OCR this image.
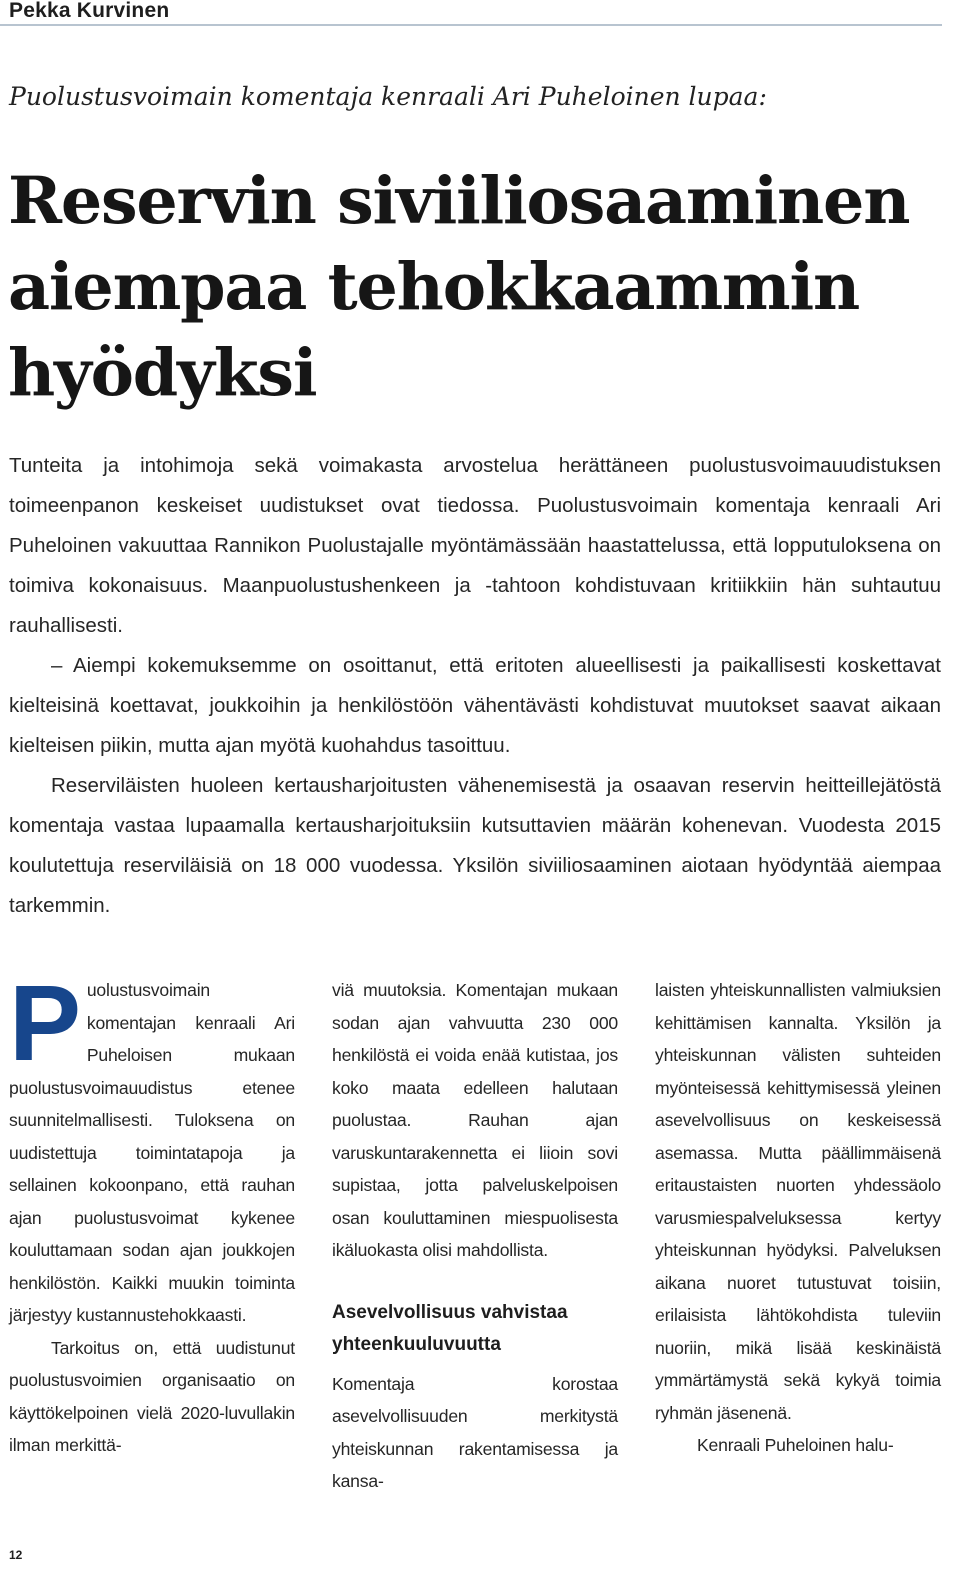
Pekka Kurvinen
Puolustusvoimain komentaja kenraali Ari Puheloinen lupaa:
Reservin siviiliosaaminen aiempaa tehokkaammin hyödyksi

Tunteita ja intohimoja sekä voimakasta arvostelua herättäneen puolustusvoimauudistuksen toimeenpanon keskeiset uudistukset ovat tiedossa. Puolustusvoimain komentaja kenraali Ari Puheloinen vakuuttaa Rannikon Puolustajalle myöntämässään haastattelussa, että lopputuloksena on toimiva kokonaisuus. Maanpuolustushenkeen ja -tahtoon kohdistuvaan kritiikkiin hän suhtautuu rauhallisesti.

– Aiempi kokemuksemme on osoittanut, että eritoten alueellisesti ja paikallisesti koskettavat kielteisinä koettavat, joukkoihin ja henkilöstöön vähentävästi kohdistuvat muutokset saavat aikaan kielteisen piikin, mutta ajan myötä kuohahdus tasoittuu.

Reserviläisten huoleen kertausharjoitusten vähenemisestä ja osaavan reservin heitteillejätöstä komentaja vastaa lupaamalla kertausharjoituksiin kutsuttavien määrän kohenevan. Vuodesta 2015 koulutettuja reserviläisiä on 18 000 vuodessa. Yksilön siviiliosaaminen aiotaan hyödyntää aiempaa tarkemmin.

Puolustusvoimain komentajan kenraali Ari Puheloisen mukaan puolustusvoimauudistus etenee suunnitelmallisesti. Tuloksena on uudistettuja toimintatapoja ja sellainen kokoonpano, että rauhan ajan puolustusvoimat kykenee kouluttamaan sodan ajan joukkojen henkilöstön. Kaikki muukin toiminta järjestyy kustannustehokkaasti.

Tarkoitus on, että uudistunut puolustusvoimien organisaatio on käyttökelpoinen vielä 2020-luvullakin ilman merkittä-

viä muutoksia. Komentajan mukaan sodan ajan vahvuutta 230 000 henkilöstä ei voida enää kutistaa, jos koko maata edelleen halutaan puolustaa. Rauhan ajan varuskuntarakennetta ei liioin sovi supistaa, jotta palveluskelpoisen osan kouluttaminen miespuolisesta ikäluokasta olisi mahdollista.

Asevelvollisuus vahvistaa yhteenkuuluvuutta

Komentaja korostaa asevelvollisuuden merkitystä yhteiskunnan rakentamisessa ja kansa-

laisten yhteiskunnallisten valmiuksien kehittämisen kannalta. Yksilön ja yhteiskunnan välisten suhteiden myönteisessä kehittymisessä yleinen asevelvollisuus on keskeisessä asemassa. Mutta päällimmäisenä eritaustaisten nuorten yhdessäolo varusmiespalveluksessa kertyy yhteiskunnan hyödyksi. Palveluksen aikana nuoret tutustuvat toisiin, erilaisista lähtökohdista tuleviin nuoriin, mikä lisää keskinäistä ymmärtämystä sekä kykyä toimia ryhmän jäsenenä.

Kenraali Puheloinen halu-

12
